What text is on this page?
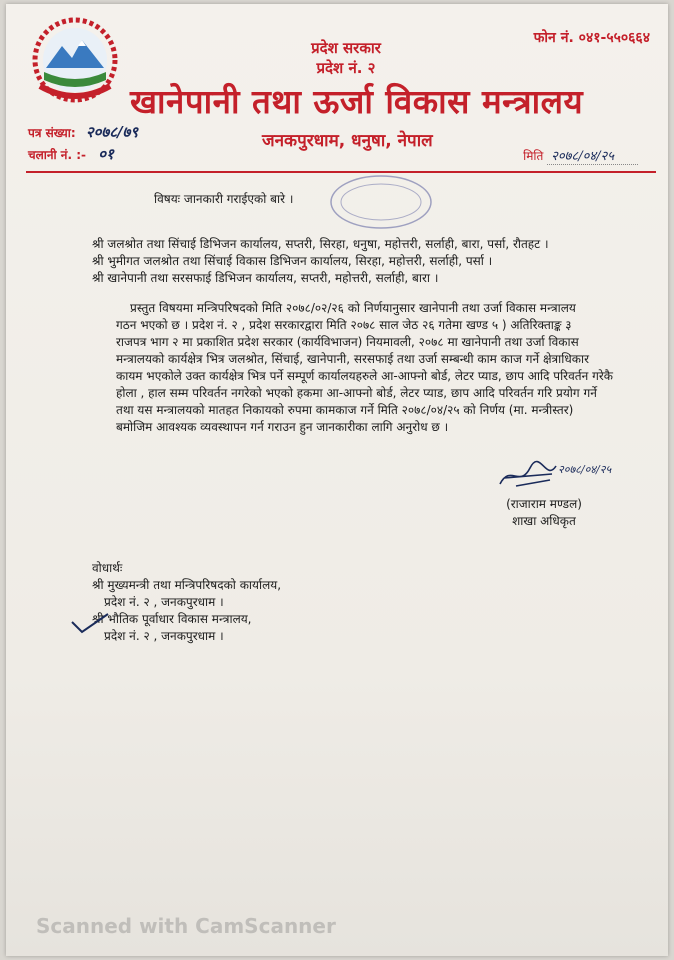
प्रदेश सरकार
प्रदेश नं. २
फोन नं. ०४१-५५०६६४
खानेपानी तथा ऊर्जा विकास मन्त्रालय
जनकपुरधाम, धनुषा, नेपाल
पत्र संख्या: २०७८/७९
चलानी नं. :- ०१	मिति २०७८/०४/२५
विषयः जानकारी गराईएको बारे ।
श्री जलश्रोत तथा सिंचाई डिभिजन कार्यालय, सप्तरी, सिरहा, धनुषा, महोत्तरी, सर्लाही, बारा, पर्सा, रौतहट ।
श्री भुमीगत जलश्रोत तथा सिंचाई विकास डिभिजन कार्यालय, सिरहा, महोत्तरी, सर्लाही, पर्सा ।
श्री खानेपानी तथा सरसफाई डिभिजन कार्यालय, सप्तरी, महोत्तरी, सर्लाही, बारा ।
प्रस्तुत विषयमा मन्त्रिपरिषदको मिति २०७८/०२/२६ को निर्णयानुसार खानेपानी तथा उर्जा विकास मन्त्रालय
गठन भएको छ । प्रदेश नं. २ , प्रदेश सरकारद्वारा मिति २०७८ साल जेठ २६ गतेमा खण्ड ५ ) अतिरिक्ताङ्क ३
राजपत्र भाग २ मा प्रकाशित प्रदेश सरकार (कार्यविभाजन) नियमावली, २०७८ मा खानेपानी तथा उर्जा विकास
मन्त्रालयको कार्यक्षेत्र भित्र जलश्रोत, सिंचाई, खानेपानी, सरसफाई तथा उर्जा सम्बन्धी काम काज गर्ने क्षेत्राधिकार
कायम भएकोले उक्त कार्यक्षेत्र भित्र पर्ने सम्पूर्ण कार्यालयहरुले आ-आफ्नो बोर्ड, लेटर प्याड, छाप आदि परिवर्तन गरेकै
होला , हाल सम्म परिवर्तन नगरेको भएको हकमा आ-आफ्नो बोर्ड, लेटर प्याड, छाप आदि परिवर्तन गरि प्रयोग गर्ने
तथा यस मन्त्रालयको मातहत निकायको रुपमा कामकाज गर्ने मिति २०७८/०४/२५ को निर्णय (मा. मन्त्रीस्तर)
बमोजिम आवश्यक व्यवस्थापन गर्न गराउन हुन जानकारीका लागि अनुरोध छ ।
२०७८/०४/२५
(राजाराम मण्डल)
शाखा अधिकृत
वोधार्थः
श्री मुख्यमन्त्री तथा मन्त्रिपरिषदको कार्यालय,
प्रदेश नं. २ , जनकपुरधाम ।
श्री भौतिक पूर्वाधार विकास मन्त्रालय,
प्रदेश नं. २ , जनकपुरधाम ।
Scanned with CamScanner
